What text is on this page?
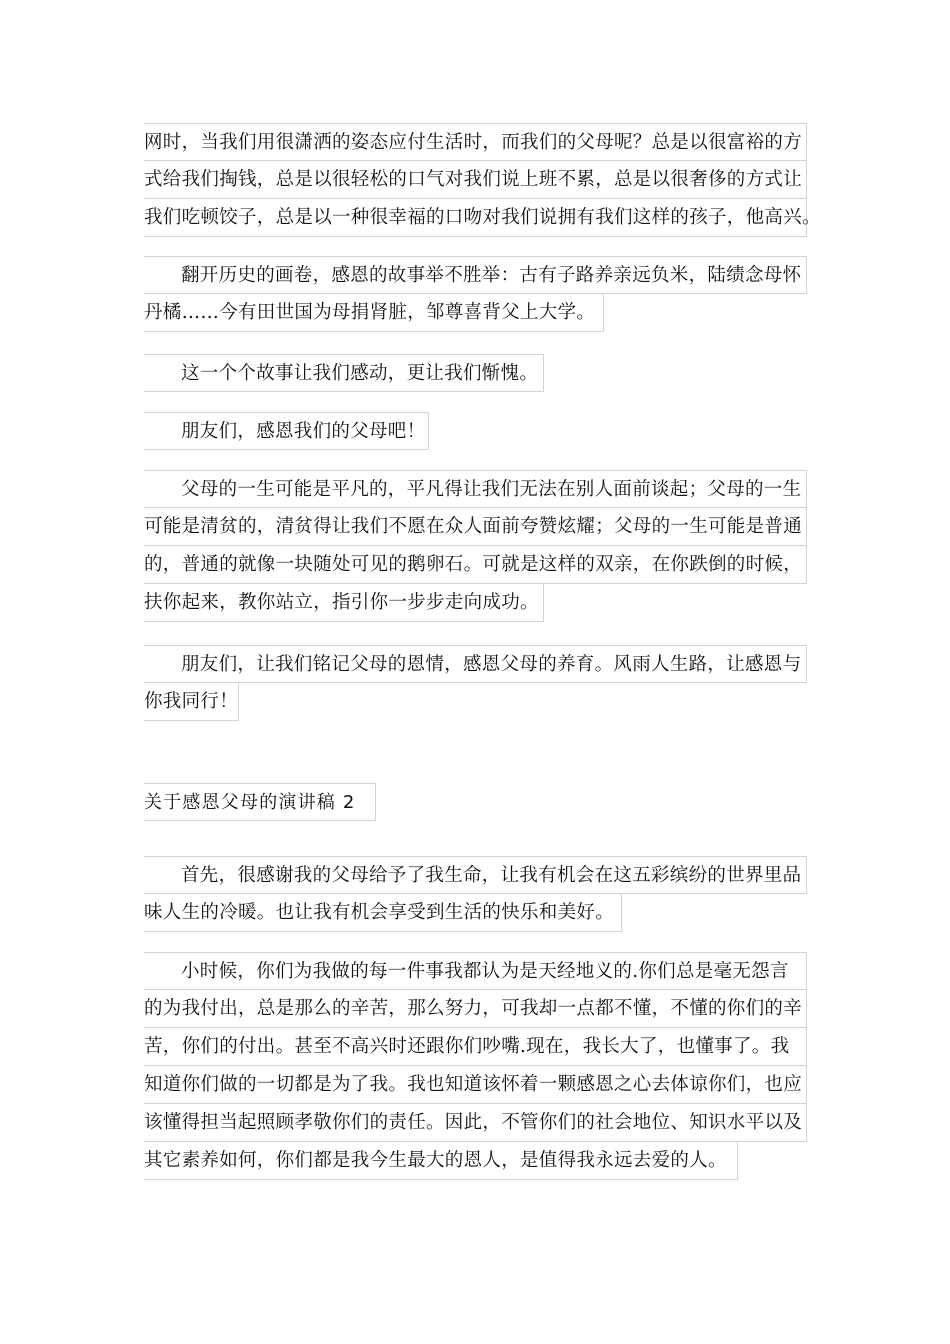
网时，当我们用很潇洒的姿态应付生活时，而我们的父母呢？总是以很富裕的方
式给我们掏钱，总是以很轻松的口气对我们说上班不累，总是以很奢侈的方式让
我们吃顿饺子，总是以一种很幸福的口吻对我们说拥有我们这样的孩子，他高兴。
翻开历史的画卷，感恩的故事举不胜举：古有子路养亲远负米，陆绩念母怀
丹橘……今有田世国为母捐肾脏，邹尊喜背父上大学。
这一个个故事让我们感动，更让我们惭愧。
朋友们，感恩我们的父母吧！
父母的一生可能是平凡的，平凡得让我们无法在别人面前谈起；父母的一生
可能是清贫的，清贫得让我们不愿在众人面前夸赞炫耀；父母的一生可能是普通
的，普通的就像一块随处可见的鹅卵石。可就是这样的双亲，在你跌倒的时候，
扶你起来，教你站立，指引你一步步走向成功。
朋友们，让我们铭记父母的恩情，感恩父母的养育。风雨人生路，让感恩与
你我同行！
关于感恩父母的演讲稿 2
首先，很感谢我的父母给予了我生命，让我有机会在这五彩缤纷的世界里品
味人生的冷暖。也让我有机会享受到生活的快乐和美好。
小时候，你们为我做的每一件事我都认为是天经地义的.你们总是毫无怨言
的为我付出，总是那么的辛苦，那么努力，可我却一点都不懂，不懂的你们的辛
苦，你们的付出。甚至不高兴时还跟你们吵嘴.现在，我长大了，也懂事了。我
知道你们做的一切都是为了我。我也知道该怀着一颗感恩之心去体谅你们，也应
该懂得担当起照顾孝敬你们的责任。因此，不管你们的社会地位、知识水平以及
其它素养如何，你们都是我今生最大的恩人，是值得我永远去爱的人。
